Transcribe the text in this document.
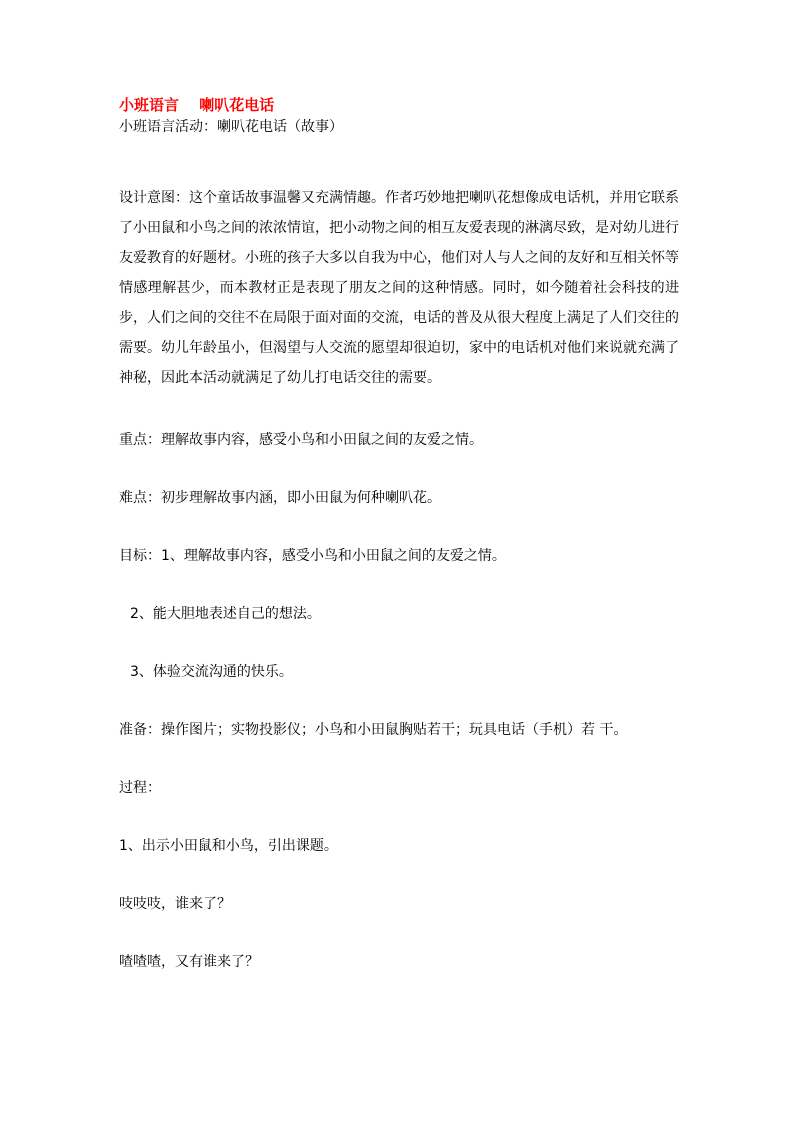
小班语言　 喇叭花电话

小班语言活动：喇叭花电话（故事）

设计意图：这个童话故事温馨又充满情趣。作者巧妙地把喇叭花想像成电话机，并用它联系了小田鼠和小鸟之间的浓浓情谊，把小动物之间的相互友爱表现的淋漓尽致，是对幼儿进行友爱教育的好题材。小班的孩子大多以自我为中心，他们对人与人之间的友好和互相关怀等情感理解甚少，而本教材正是表现了朋友之间的这种情感。同时，如今随着社会科技的进步，人们之间的交往不在局限于面对面的交流，电话的普及从很大程度上满足了人们交往的需要。幼儿年龄虽小，但渴望与人交流的愿望却很迫切，家中的电话机对他们来说就充满了神秘，因此本活动就满足了幼儿打电话交往的需要。

重点：理解故事内容，感受小鸟和小田鼠之间的友爱之情。

难点：初步理解故事内涵，即小田鼠为何种喇叭花。

目标：1、理解故事内容，感受小鸟和小田鼠之间的友爱之情。

2、能大胆地表述自己的想法。

3、体验交流沟通的快乐。

准备：操作图片；实物投影仪；小鸟和小田鼠胸贴若干；玩具电话（手机）若 干。

过程：

1、出示小田鼠和小鸟，引出课题。

吱吱吱，谁来了？

喳喳喳，又有谁来了？
